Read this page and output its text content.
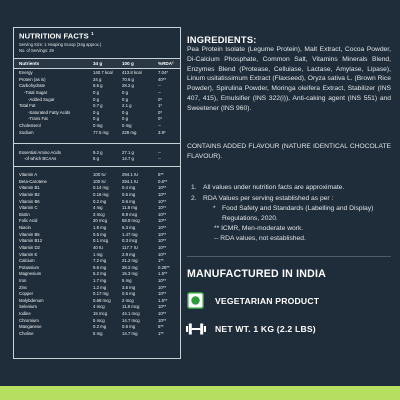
NUTRITION FACTS $^1$
Serving Size: 1 Heaping Scoop (34g approx.)
No. of Servings: 29
Nutrients	34 g	100 g	%RDA²
Energy	140.7 kcal 413.8 kcal	7.04*
Protein (as is)	24 g	70.6 g	40**
Carbohydrate	9.6 g	28.2 g	--
-Total Sugar	0 g	0 g	--
-Added Sugar	0 g	0 g	0*
Total Fat	0.7 g	2.1 g	1*
-Saturated Fatty Acids	0 g	0 g	0*
-Trans Fat	0 g	0 g	0*
Cholesterol	0 mg	0 mg	--
Sodium	77.5 mg	228 mg	3.9*
Essential Amino Acids	9.2 g	27.1 g	--
-of which BCAAs	5 g	14.7 g	--
Vitamin A	100 IU	294.1 IU	5**
Beta-Carotene	100 IU	294.1 IU	0.6**
Vitamin B1	0.14 mg	0.4 mg	10**
Vitamin B2	0.16 mg	0.5 mg	10**
Vitamin B6	0.2 mg	0.6 mg	10**
Vitamin C	4 mg	11.8 mg	10**
Biotin	3 mcg	8.8 mcg	10**
Folic Acid	20 mcg	58.8 mcg	10**
Niacin	1.8 mg	5.3 mg	10**
Vitamin B5	0.5 mg	1.47 mg	10**
Vitamin B12	0.1 mcg	0.3 mcg	10**
Vitamin D2	40 IU	117.7 IU	10**
Vitamin E	1 mg	2.9 mg	10**
Calcium	7.2 mg	21.2 mg	1**
Potassium	9.6 mg	28.2 mg	0.28**
Magnesium	5.2 mg	15.3 mg	1.5**
Iron	1.7 mg	5 mg	10**
Zinc	1.2 mg	3.5 mg	10**
Copper	0.17 mg	0.5 mg	10**
Molybdenum	0.68 mcg	2 mcg	1.5**
Selenium	4 mcg	11.8 mcg	10**
Iodine	15 mcg	44.1 mcg	10**
Chromium	5 mcg	14.7 mcg	10**
Manganese	0.2 mg	0.6 mg	5**
Choline	5 mg	14.7 mg	1**
INGREDIENTS:
Pea Protein Isolate (Legume Protein), Malt Extract, Cocoa Powder, Di-Calcium Phosphate, Common Salt, Vitamins Minerals Blend, Enzymes Blend (Protease, Cellulase, Lactase, Amylase, Lipase), Linum usitatissimum Extract (Flaxseed), Oryza sativa L. (Brown Rice Powder), Spirulina Powder, Moringa oleifera Extract, Stabilizer (INS 407, 415), Emulsifier (INS 322(i)), Anti-caking agent (INS 551) and Sweetener (INS 960).
CONTAINS ADDED FLAVOUR (NATURE IDENTICAL CHOCOLATE FLAVOUR).
1. All values under nutrition facts are approximate.
2. RDA Values per serving established as per :
* Food Safety and Standards (Labelling and Display)
Regulations, 2020.
** ICMR, Men-moderate work.
-- RDA values, not established.
MANUFACTURED IN INDIA
VEGETARIAN PRODUCT
NET WT. 1 KG (2.2 LBS)
